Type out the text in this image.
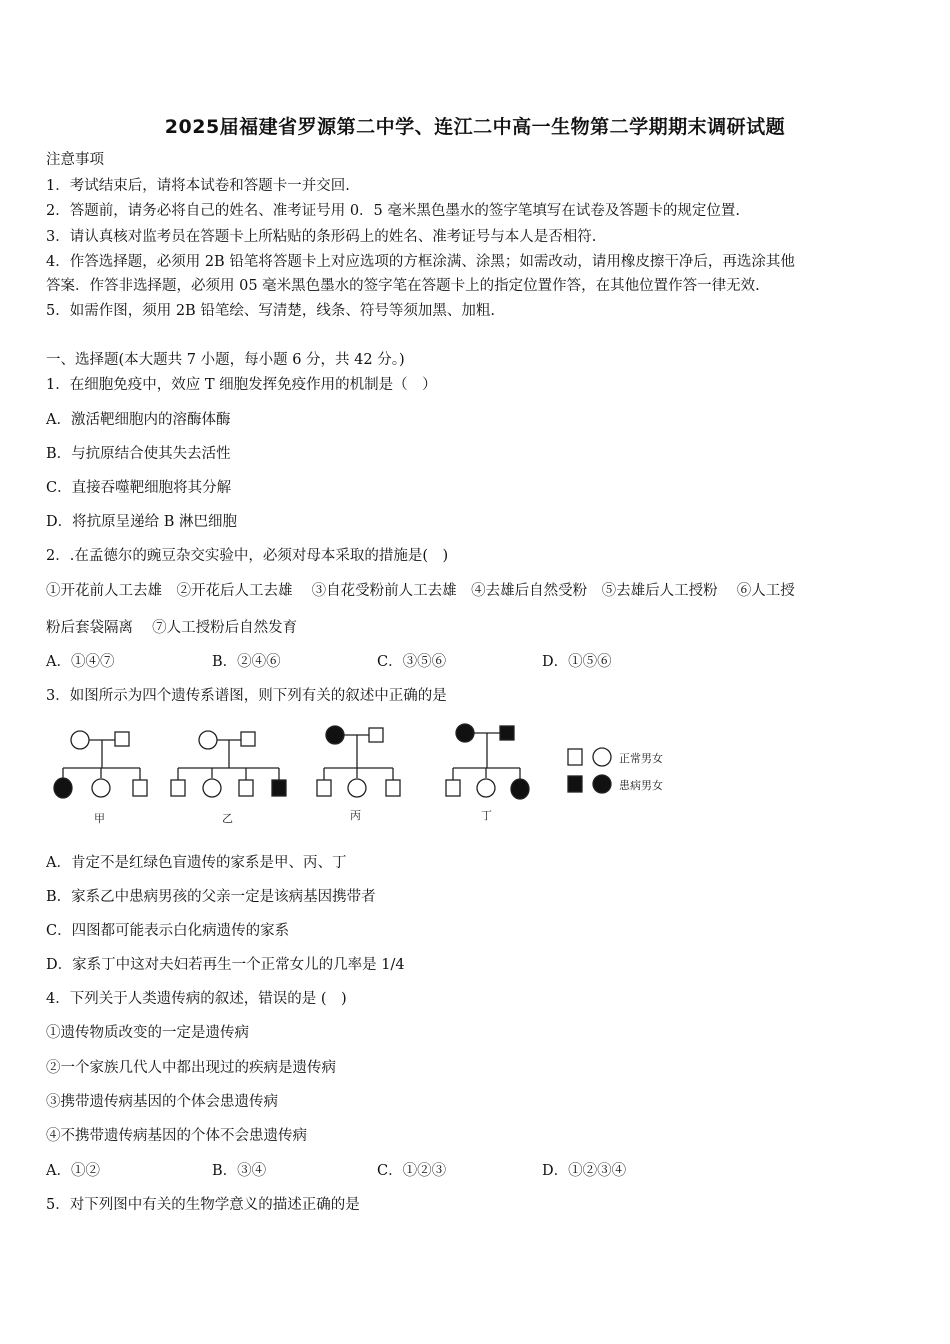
2025届福建省罗源第二中学、连江二中高一生物第二学期期末调研试题
注意事项
1．考试结束后，请将本试卷和答题卡一并交回.
2．答题前，请务必将自己的姓名、准考证号用 0．5 毫米黑色墨水的签字笔填写在试卷及答题卡的规定位置.
3．请认真核对监考员在答题卡上所粘贴的条形码上的姓名、准考证号与本人是否相符.
4．作答选择题，必须用 2B 铅笔将答题卡上对应选项的方框涂满、涂黑；如需改动，请用橡皮擦干净后，再选涂其他
答案．作答非选择题，必须用 05 毫米黑色墨水的签字笔在答题卡上的指定位置作答，在其他位置作答一律无效.
5．如需作图，须用 2B 铅笔绘、写清楚，线条、符号等须加黑、加粗.
一、选择题(本大题共 7 小题，每小题 6 分，共 42 分。)
1．在细胞免疫中，效应 T 细胞发挥免疫作用的机制是（　）
A．激活靶细胞内的溶酶体酶
B．与抗原结合使其失去活性
C．直接吞噬靶细胞将其分解
D．将抗原呈递给 B 淋巴细胞
2．.在孟德尔的豌豆杂交实验中，必须对母本采取的措施是(　)
①开花前人工去雄　②开花后人工去雄　 ③自花受粉前人工去雄　④去雄后自然受粉　⑤去雄后人工授粉　 ⑥人工授
粉后套袋隔离　 ⑦人工授粉后自然发育
A．①④⑦	B．②④⑥	C．③⑤⑥	D．①⑤⑥
3．如图所示为四个遗传系谱图，则下列有关的叙述中正确的是
正常男女
患病男女
甲	乙	丙	丁
A．肯定不是红绿色盲遗传的家系是甲、丙、丁
B．家系乙中患病男孩的父亲一定是该病基因携带者
C．四图都可能表示白化病遗传的家系
D．家系丁中这对夫妇若再生一个正常女儿的几率是 1/4
4．下列关于人类遗传病的叙述，错误的是 (　)
①遗传物质改变的一定是遗传病
②一个家族几代人中都出现过的疾病是遗传病
③携带遗传病基因的个体会患遗传病
④不携带遗传病基因的个体不会患遗传病
A．①②	B．③④	C．①②③	D．①②③④
5．对下列图中有关的生物学意义的描述正确的是
